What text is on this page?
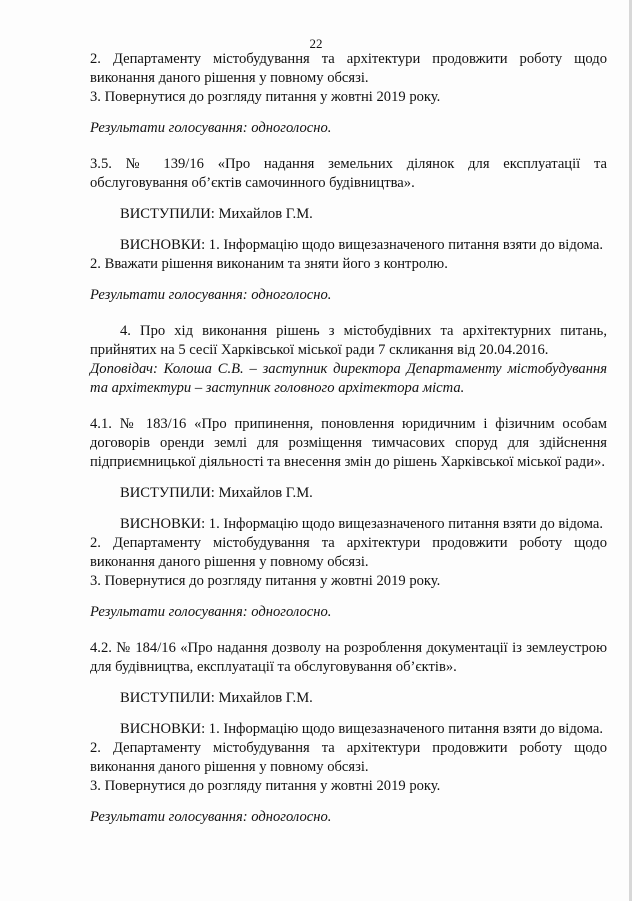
22

2. Департаменту містобудування та архітектури продовжити роботу щодо виконання даного рішення у повному обсязі.

3. Повернутися до розгляду питання у жовтні 2019 року.

Результати голосування: одноголосно.

3.5. № 139/16 «Про надання земельних ділянок для експлуатації та обслуговування об’єктів самочинного будівництва».

ВИСТУПИЛИ: Михайлов Г.М.

ВИСНОВКИ: 1. Інформацію щодо вищезазначеного питання взяти до відома.

2. Вважати рішення виконаним та зняти його з контролю.

Результати голосування: одноголосно.

4. Про хід виконання рішень з містобудівних та архітектурних питань, прийнятих на 5 сесії Харківської міської ради 7 скликання від 20.04.2016.

Доповідач: Колоша С.В. – заступник директора Департаменту містобудування та архітектури – заступник головного архітектора міста.

4.1. № 183/16 «Про припинення, поновлення юридичним і фізичним особам договорів оренди землі для розміщення тимчасових споруд для здійснення підприємницької діяльності та внесення змін до рішень Харківської міської ради».

ВИСТУПИЛИ: Михайлов Г.М.

ВИСНОВКИ: 1. Інформацію щодо вищезазначеного питання взяти до відома.

2. Департаменту містобудування та архітектури продовжити роботу щодо виконання даного рішення у повному обсязі.

3. Повернутися до розгляду питання у жовтні 2019 року.

Результати голосування: одноголосно.

4.2. № 184/16 «Про надання дозволу на розроблення документації із землеустрою для будівництва, експлуатації та обслуговування об’єктів».

ВИСТУПИЛИ: Михайлов Г.М.

ВИСНОВКИ: 1. Інформацію щодо вищезазначеного питання взяти до відома.

2. Департаменту містобудування та архітектури продовжити роботу щодо виконання даного рішення у повному обсязі.

3. Повернутися до розгляду питання у жовтні 2019 року.

Результати голосування: одноголосно.
